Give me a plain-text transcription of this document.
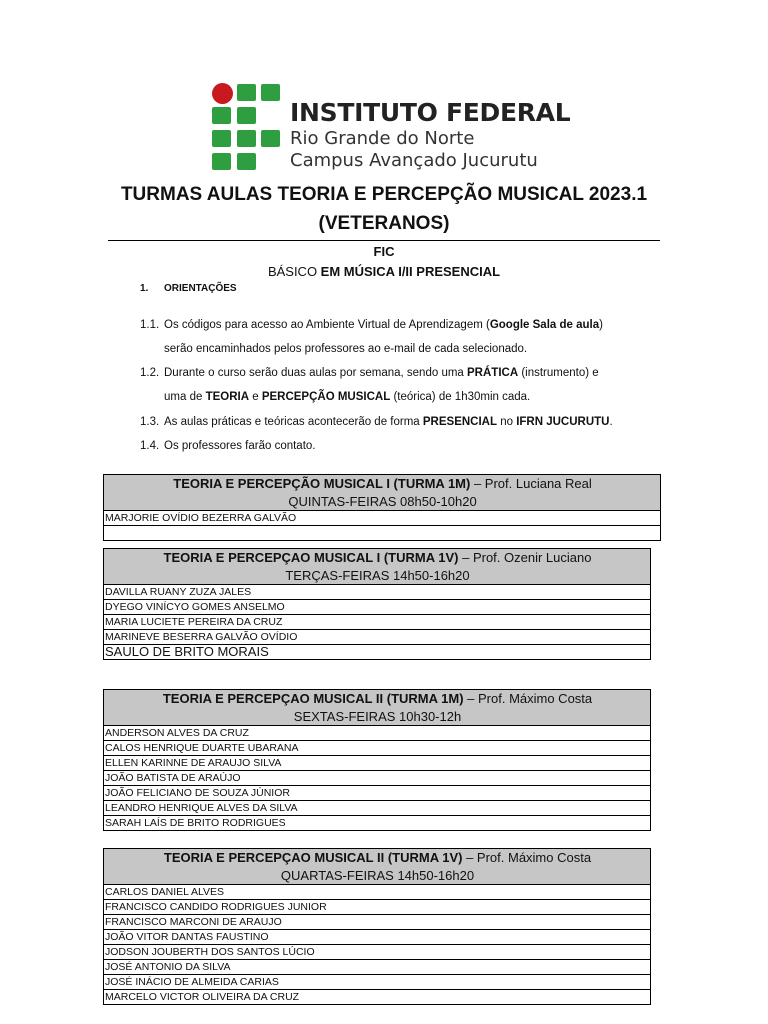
INSTITUTO FEDERAL
Rio Grande do Norte
Campus Avançado Jucurutu
TURMAS AULAS TEORIA E PERCEPÇÃO MUSICAL 2023.1
(VETERANOS)
FIC
BÁSICO EM MÚSICA I/II PRESENCIAL
1. ORIENTAÇÕES
1.1. Os códigos para acesso ao Ambiente Virtual de Aprendizagem (Google Sala de aula)
serão encaminhados pelos professores ao e-mail de cada selecionado.
1.2. Durante o curso serão duas aulas por semana, sendo uma PRÁTICA (instrumento) e
uma de TEORIA e PERCEPÇÃO MUSICAL (teórica) de 1h30min cada.
1.3. As aulas práticas e teóricas acontecerão de forma PRESENCIAL no IFRN JUCURUTU.
1.4. Os professores farão contato.
TEORIA E PERCEPÇÃO MUSICAL I (TURMA 1M) – Prof. Luciana Real
QUINTAS-FEIRAS 08h50-10h20

MARJORIE OVÍDIO BEZERRA GALVÃO

TEORIA E PERCEPÇAO MUSICAL I (TURMA 1V) – Prof. Ozenir Luciano
TERÇAS-FEIRAS 14h50-16h20

DAVILLA RUANY ZUZA JALES
DYEGO VINÍCYO GOMES ANSELMO
MARIA LUCIETE PEREIRA DA CRUZ
MARINEVE BESERRA GALVÃO OVÍDIO
SAULO DE BRITO MORAIS
TEORIA E PERCEPÇAO MUSICAL II (TURMA 1M) – Prof. Máximo Costa
SEXTAS-FEIRAS 10h30-12h

ANDERSON ALVES DA CRUZ
CALOS HENRIQUE DUARTE UBARANA
ELLEN KARINNE DE ARAUJO SILVA
JOÃO BATISTA DE ARAÚJO
JOÃO FELICIANO DE SOUZA JÚNIOR
LEANDRO HENRIQUE ALVES DA SILVA
SARAH LAÍS DE BRITO RODRIGUES
TEORIA E PERCEPÇAO MUSICAL II (TURMA 1V) – Prof. Máximo Costa
QUARTAS-FEIRAS 14h50-16h20

CARLOS DANIEL ALVES
FRANCISCO CANDIDO RODRIGUES JUNIOR
FRANCISCO MARCONI DE ARAUJO
JOÃO VITOR DANTAS FAUSTINO
JODSON JOUBERTH DOS SANTOS LÚCIO
JOSÉ ANTONIO DA SILVA
JOSÉ INÁCIO DE ALMEIDA CARIAS
MARCELO VICTOR OLIVEIRA DA CRUZ
